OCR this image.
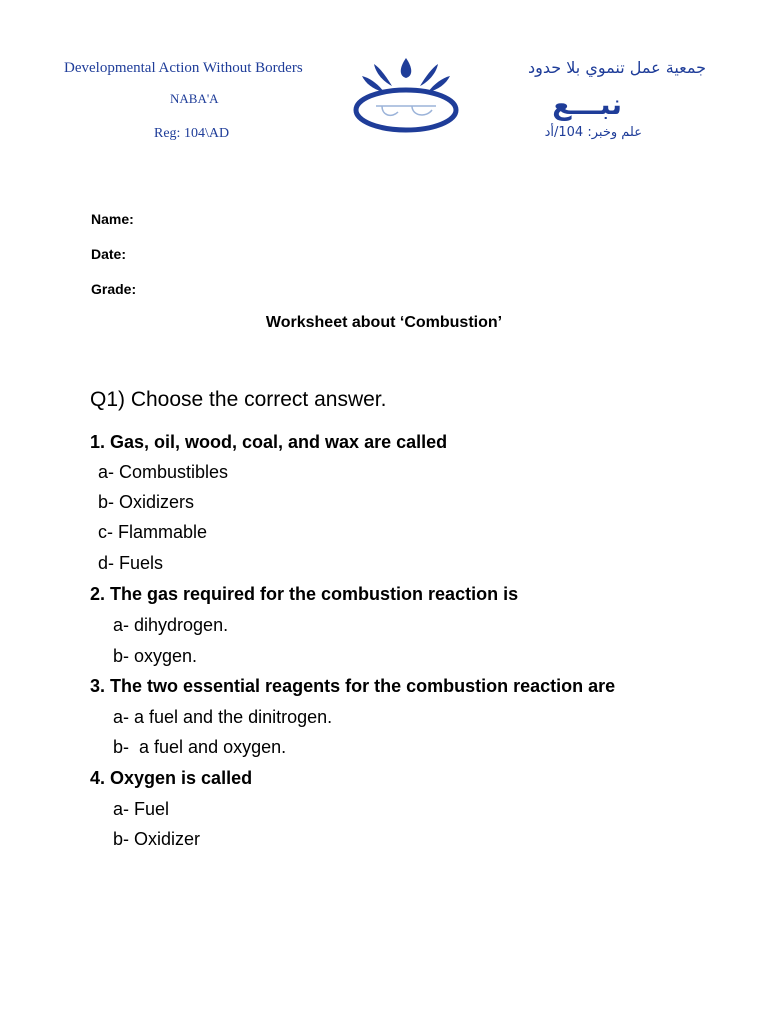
Developmental Action Without Borders
NABA'A
Reg: 104\AD
جمعية عمل تنموي بلا حدود
نبـــع
علم وخبر: 104/أد
Name:
Date:
Grade:
Worksheet about ‘Combustion’
Q1) Choose the correct answer.
1. Gas, oil, wood, coal, and wax are called
a- Combustibles
b- Oxidizers
c- Flammable
d- Fuels
2. The gas required for the combustion reaction is
a- dihydrogen.
b- oxygen.
3. The two essential reagents for the combustion reaction are
a- a fuel and the dinitrogen.
b-  a fuel and oxygen.
4. Oxygen is called
a- Fuel
b- Oxidizer
